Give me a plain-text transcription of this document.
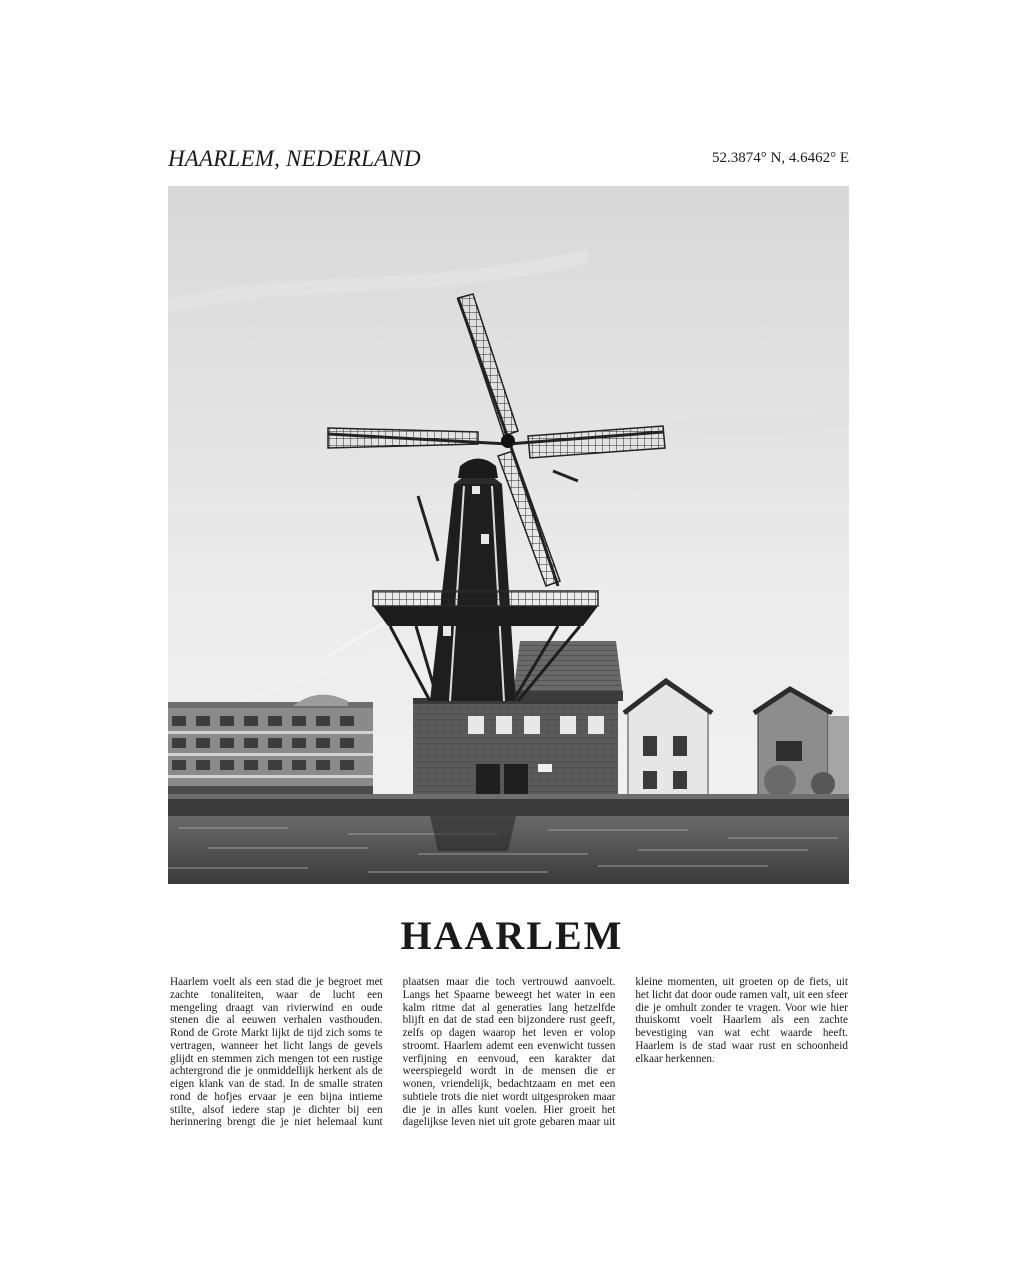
HAARLEM, NEDERLAND	52.3874° N, 4.6462° E

HAARLEM

Haarlem voelt als een stad die je begroet met zachte tonaliteiten, waar de lucht een mengeling draagt van rivierwind en oude stenen die al eeuwen verhalen vasthouden. Rond de Grote Markt lijkt de tijd zich soms te vertragen, wanneer het licht langs de gevels glijdt en stemmen zich mengen tot een rustige achtergrond die je onmiddellijk herkent als de eigen klank van de stad. In de smalle straten rond de hofjes ervaar je een bijna intieme stilte, alsof iedere stap je dichter bij een herinnering brengt die je niet helemaal kunt plaatsen maar die toch vertrouwd aanvoelt. Langs het Spaarne beweegt het water in een kalm ritme dat al generaties lang hetzelfde blijft en dat de stad een bijzondere rust geeft, zelfs op dagen waarop het leven er volop stroomt. Haarlem ademt een evenwicht tussen verfijning en eenvoud, een karakter dat weerspiegeld wordt in de mensen die er wonen, vriendelijk, bedachtzaam en met een subtiele trots die niet wordt uitgesproken maar die je in alles kunt voelen. Hier groeit het dagelijkse leven niet uit grote gebaren maar uit kleine momenten, uit groeten op de fiets, uit het licht dat door oude ramen valt, uit een sfeer die je omhult zonder te vragen. Voor wie hier thuiskomt voelt Haarlem als een zachte bevestiging van wat echt waarde heeft. Haarlem is de stad waar rust en schoonheid elkaar herkennen.
